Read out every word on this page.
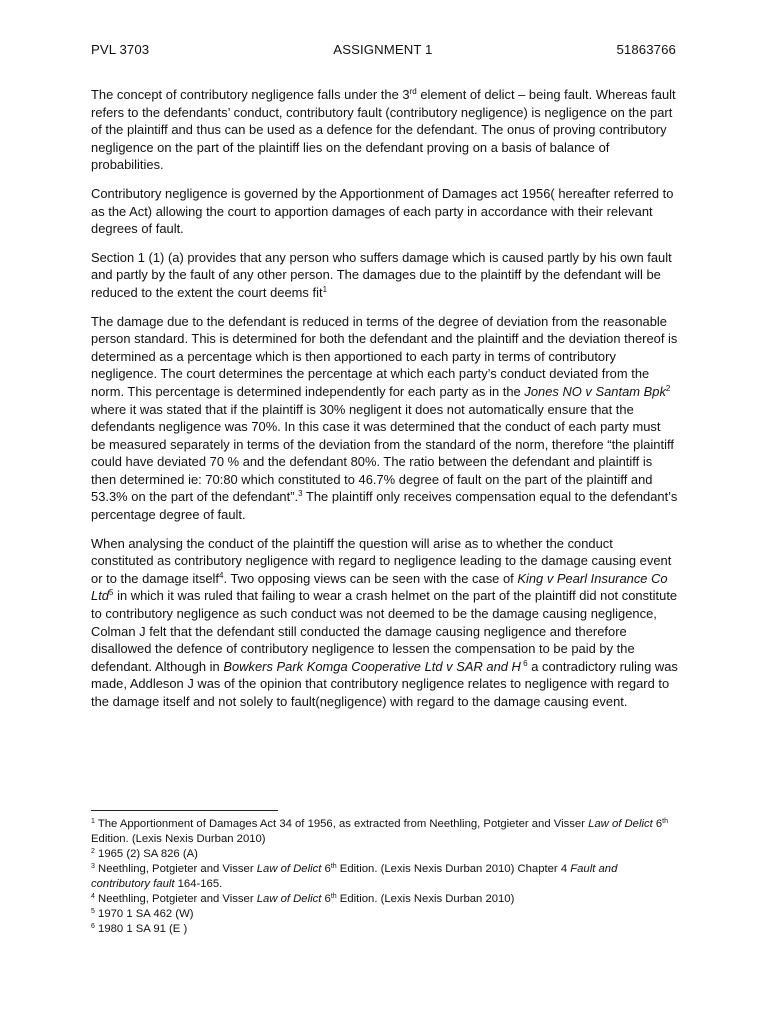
PVL 3703	ASSIGNMENT 1	51863766

The concept of contributory negligence falls under the 3rd element of delict – being fault. Whereas fault refers to the defendants’ conduct, contributory fault (contributory negligence) is negligence on the part of the plaintiff and thus can be used as a defence for the defendant. The onus of proving contributory negligence on the part of the plaintiff lies on the defendant proving on a basis of balance of probabilities.

Contributory negligence is governed by the Apportionment of Damages act 1956( hereafter referred to as the Act) allowing the court to apportion damages of each party in accordance with their relevant degrees of fault.

Section 1 (1) (a) provides that any person who suffers damage which is caused partly by his own fault and partly by the fault of any other person. The damages due to the plaintiff by the defendant will be reduced to the extent the court deems fit$^1$

The damage due to the defendant is reduced in terms of the degree of deviation from the reasonable person standard. This is determined for both the defendant and the plaintiff and the deviation thereof is determined as a percentage which is then apportioned to each party in terms of contributory negligence. The court determines the percentage at which each party’s conduct deviated from the norm. This percentage is determined independently for each party as in the Jones NO v Santam Bpk$^2$ where it was stated that if the plaintiff is 30% negligent it does not automatically ensure that the defendants negligence was 70%. In this case it was determined that the conduct of each party must be measured separately in terms of the deviation from the standard of the norm, therefore “the plaintiff could have deviated 70 % and the defendant 80%. The ratio between the defendant and plaintiff is then determined ie: 70:80 which constituted to 46.7% degree of fault on the part of the plaintiff and 53.3% on the part of the defendant”.$^3$ The plaintiff only receives compensation equal to the defendant’s percentage degree of fault.

When analysing the conduct of the plaintiff the question will arise as to whether the conduct constituted as contributory negligence with regard to negligence leading to the damage causing event or to the damage itself$^4$. Two opposing views can be seen with the case of King v Pearl Insurance Co Ltd$^5$ in which it was ruled that failing to wear a crash helmet on the part of the plaintiff did not constitute to contributory negligence as such conduct was not deemed to be the damage causing negligence, Colman J felt that the defendant still conducted the damage causing negligence and therefore disallowed the defence of contributory negligence to lessen the compensation to be paid by the defendant. Although in Bowkers Park Komga Cooperative Ltd v SAR and H $^6$ a contradictory ruling was made, Addleson J was of the opinion that contributory negligence relates to negligence with regard to the damage itself and not solely to fault(negligence) with regard to the damage causing event.

$^1$ The Apportionment of Damages Act 34 of 1956, as extracted from Neethling, Potgieter and Visser Law of Delict 6th Edition. (Lexis Nexis Durban 2010)

$^2$ 1965 (2) SA 826 (A)

$^3$ Neethling, Potgieter and Visser Law of Delict 6th Edition. (Lexis Nexis Durban 2010) Chapter 4 Fault and contributory fault 164-165.

$^4$ Neethling, Potgieter and Visser Law of Delict 6th Edition. (Lexis Nexis Durban 2010)

$^5$ 1970 1 SA 462 (W)

$^6$ 1980 1 SA 91 (E )
